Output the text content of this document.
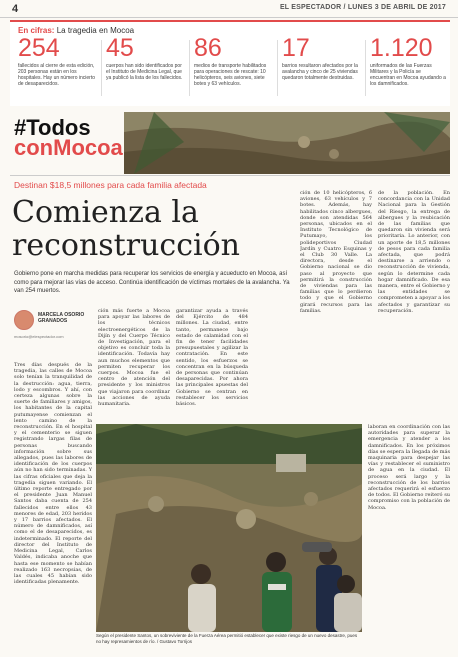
4	EL ESPECTADOR / LUNES 3 DE ABRIL DE 2017
En cifras: La tragedia en Mocoa
254
fallecidos al cierre de esta edición, 203 personas están en los hospitales. Hay un número incierto de desaparecidos.
45
cuerpos han sido identificados por el Instituto de Medicina Legal, que ya publicó la lista de los fallecidos.
86
medios de transporte habilitados para operaciones de rescate: 10 helicópteros, seis aviones, siete botes y 63 vehículos.
17
barrios resultaron afectados por la avalancha y cinco de 25 viviendas quedaron totalmente destruidas.
1.120
uniformados de las Fuerzas Militares y la Policía se encuentran en Mocoa ayudando a los damnificados.
#Todos
conMocoa
Destinan $18,5 millones para cada familia afectada
Comienza la reconstrucción

Gobierno pone en marcha medidas para recuperar los servicios de energía y acueducto en Mocoa, así como para mejorar las vías de acceso. Continúa identificación de víctimas mortales de la avalancha. Ya van 254 muertos.

MARCELA OSORIO GRANADOS
mosorio@elespectador.com
Tres días después de la tragedia, las calles de Mocoa solo tenían la tranquilidad de la destrucción: agua, tierra, lodo y escombros. Y ahí, con certeza algunas sobre la suerte de familiares y amigos, los habitantes de la capital putumayense comienzan el lento camino de la reconstrucción. En el hospital y el cementerio se siguen registrando largas filas de personas buscando información sobre sus allegados, pues las labores de identificación de los cuerpos aún no han sido terminadas. Y las cifras oficiales que deja la tragedia siguen variando. El último reporte entregado por el presidente Juan Manuel Santos daba cuenta de 254 fallecidos entre ellos 43 menores de edad, 203 heridos y 17 barrios afectados. El número de damnificados, así como el de desaparecidos, es indeterminado. El reporte del director del Instituto de Medicina Legal, Carlos Valdés, indicaba anoche que hasta ese momento se habían realizado 163 necropsias, de las cuales 45 habían sido identificadas plenamente.
ción más fuerte a Mocoa para apoyar las labores de los técnicos electroenergéticos de la Dijín y del Cuerpo Técnico de Investigación, para el objetivo es concluir toda la identificación. Todavía hay aun muchos elementos que permiten recuperar los cuerpos. Mocoa fue el centro de atención del presidente y los ministros que viajaron para coordinar las acciones de ayuda humanitaria.
garantizar ayuda a través del Ejército de 484 millones. La ciudad, entre tanto, permanece bajo estado de calamidad con el fin de tener facilidades presupuestales y agilizar la contratación. En este sentido, los esfuerzos se concentran en la búsqueda de personas que continúan desaparecidas. Por ahora las principales apuestas del Gobierno se centran en restablecer los servicios básicos.
ción de 10 helicópteros, 6 aviones, 63 vehículos y 7 botes. Además, hay habilitados cinco albergues, donde son atendidas 564 personas, ubicados en el Instituto Tecnológico de Putumayo, los polideportivos Ciudad Jardín y Cuatro Esquinas y el Club 30 Valle. La directora, desde el Gobierno nacional se dio paso al proyecto que permitirá la construcción de viviendas para las familias que lo perdieron todo y que el Gobierno girará recursos para las familias.
de la población. En concordancia con la Unidad Nacional para la Gestión del Riesgo, la entrega de albergues y la reubicación de las familias que quedaron sin vivienda será prioritaria. Lo anterior, con un aporte de 18,5 millones de pesos para cada familia afectada, que podrá destinarse a arriendo o reconstrucción de vivienda, según lo determine cada hogar damnificado. De esa manera, entre el Gobierno y las entidades se comprometen a apoyar a los afectados y garantizar su recuperación.
laboran en coordinación con las autoridades para superar la emergencia y atender a los damnificados. En los próximos días se espera la llegada de más maquinaria para despejar las vías y restablecer el suministro de agua en la ciudad. El proceso será largo y la reconstrucción de los barrios afectados requerirá el esfuerzo de todos. El Gobierno reiteró su compromiso con la población de Mocoa.
Según el presidente Santos, un sobreviviente de la Fuerza Aérea permitió establecer que existe riesgo de un nuevo desastre, pues no hay represamientos de río. / Gustavo Torrijos
